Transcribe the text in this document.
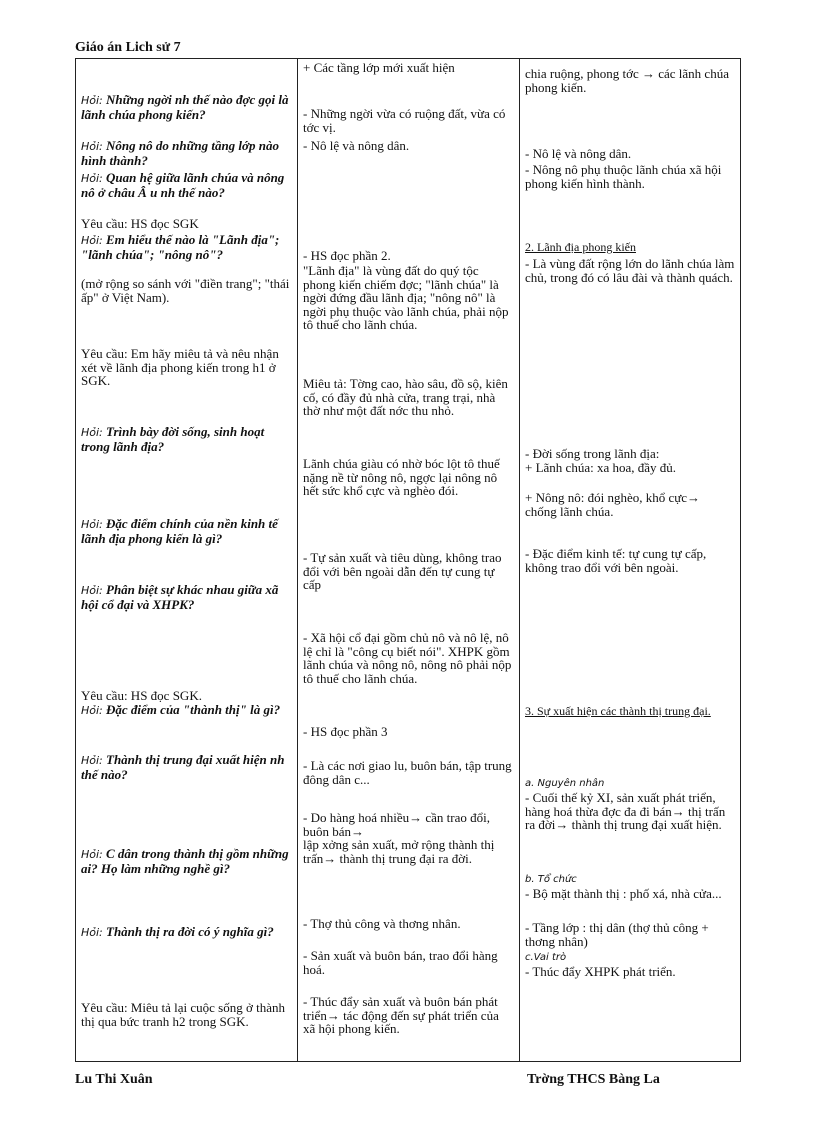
Giáo án Lich sử 7
Hỏi: Những ngời nh thế nào đợc gọi là lãnh chúa phong kiến?
Hỏi: Nông nô do những tầng lớp nào hình thành?
Hỏi: Quan hệ giữa lãnh chúa và nông nô ở châu Â u nh thế nào?
Yêu cầu: HS đọc SGK
Hỏi: Em hiểu thế nào là "Lãnh địa"; "lãnh chúa"; "nông nô"?
(mở rộng so sánh với "điền trang"; "thái ấp" ở Việt Nam).
Yêu cầu: Em hãy miêu tả và nêu nhận xét về lãnh địa phong kiến trong h1 ở SGK.
Hỏi: Trình bày đời sống, sinh hoạt trong lãnh địa?
Hỏi: Đặc điểm chính của nền kinh tế lãnh địa phong kiến là gì?
Hỏi: Phân biệt sự khác nhau giữa xã hội cổ đại và XHPK?
Yêu cầu: HS đọc SGK.
Hỏi: Đặc điểm của "thành thị" là gì?
Hỏi: Thành thị trung đại xuất hiện nh thế nào?
Hỏi: C dân trong thành thị gồm những ai? Họ làm những nghề gì?
Hỏi: Thành thị ra đời có ý nghĩa gì?
Yêu cầu: Miêu tả lại cuộc sống ở thành thị qua bức tranh h2 trong SGK.
+ Các tầng lớp mới xuất hiện
- Những ngời vừa có ruộng đất, vừa có tớc vị.
- Nô lệ và nông dân.
- HS đọc phần 2.
"Lãnh địa" là vùng đất do quý tộc phong kiến chiếm đợc; "lãnh chúa" là ngời đứng đầu lãnh địa; "nông nô" là ngời phụ thuộc vào lãnh chúa, phải nộp tô thuế cho lãnh chúa.
Miêu tả: Tờng cao, hào sâu, đồ sộ, kiên cố, có đầy đủ nhà cửa, trang trại, nhà thờ như một đất nớc thu nhỏ.
Lãnh chúa giàu có nhờ bóc lột tô thuế nặng nề từ nông nô, ngợc lại nông nô hết sức khổ cực và nghèo đói.
- Tự sản xuất và tiêu dùng, không trao đổi với bên ngoài dẫn đến tự cung tự cấp
- Xã hội cổ đại gồm chủ nô và nô lệ, nô lệ chỉ là "công cụ biết nói". XHPK gồm lãnh chúa và nông nô, nông nô phải nộp tô thuế cho lãnh chúa.
- HS đọc phần 3
- Là các nơi giao lu, buôn bán, tập trung đông dân c...
- Do hàng hoá nhiều→ cần trao đổi, buôn bán→
lập xởng sản xuất, mở rộng thành thị trấn→ thành thị trung đại ra đời.
- Thợ thủ công và thơng nhân.
- Sản xuất và buôn bán, trao đổi hàng hoá.
- Thúc đẩy sản xuất và buôn bán phát triển→ tác động đến sự phát triển của xã hội phong kiến.
chia ruộng, phong tớc → các lãnh chúa phong kiến.
- Nô lệ và nông dân.
- Nông nô phụ thuộc lãnh chúa xã hội phong kiến hình thành.
2. Lãnh địa phong kiến
- Là vùng đất rộng lớn do lãnh chúa làm chủ, trong đó có lâu đài và thành quách.
- Đời sống trong lãnh địa:
+ Lãnh chúa: xa hoa, đầy đủ.
+ Nông nô: đói nghèo, khổ cực→ chống lãnh chúa.
- Đặc điểm kinh tế: tự cung tự cấp, không trao đổi với bên ngoài.
3. Sự xuất hiện các thành thị trung đại.
a. Nguyên nhân
- Cuối thế kỷ XI, sản xuất phát triển, hàng hoá thừa đợc đa đi bán→ thị trấn ra đời→ thành thị trung đại xuất hiện.
b. Tổ chức
- Bộ mặt thành thị : phố xá, nhà cửa...
- Tầng lớp : thị dân (thợ thủ công + thơng nhân)
c.Vai trò
- Thúc đẩy XHPK phát triển.
Lu Thi Xuân	Trờng THCS Bàng La
